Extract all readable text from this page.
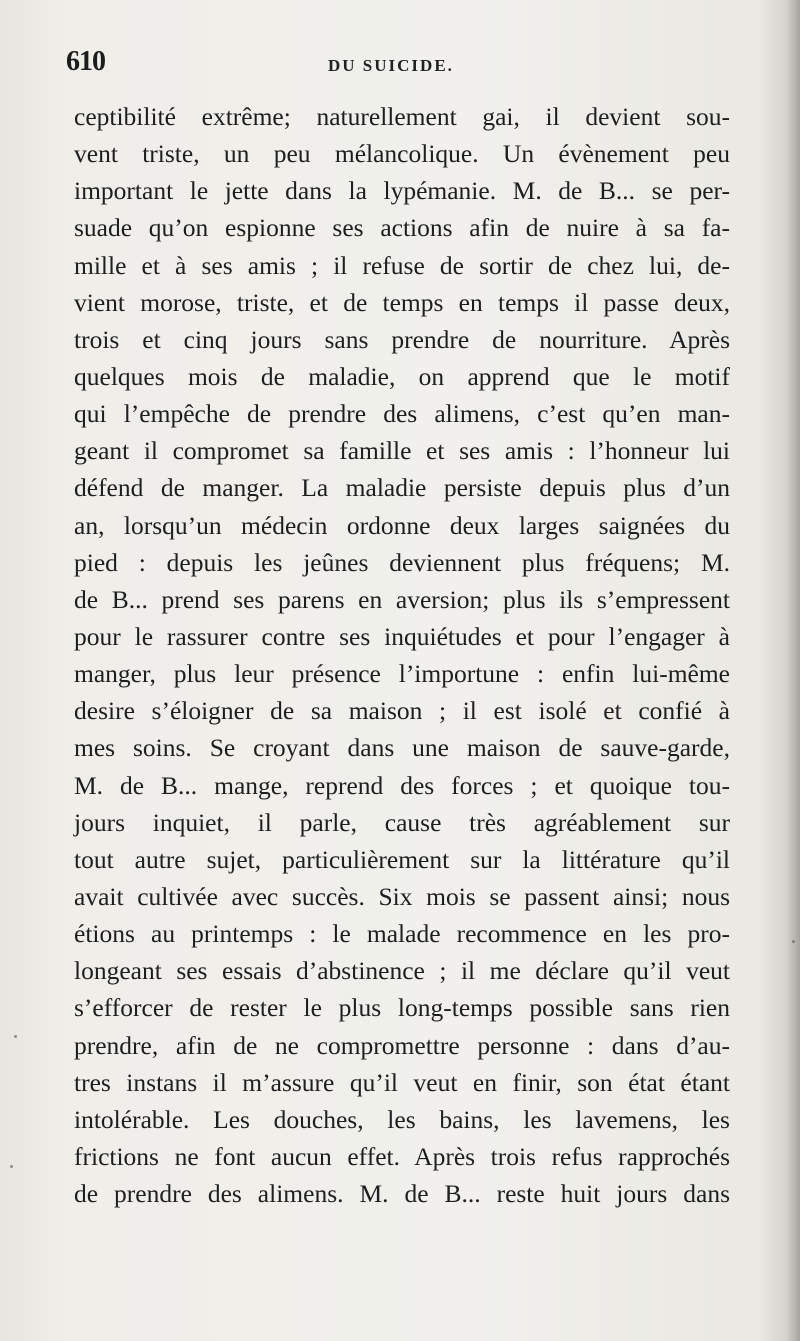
610	DU SUICIDE.
ceptibilité extrême; naturellement gai, il devient sou-
vent triste, un peu mélancolique. Un évènement peu
important le jette dans la lypémanie. M. de B... se per-
suade qu’on espionne ses actions afin de nuire à sa fa-
mille et à ses amis ; il refuse de sortir de chez lui, de-
vient morose, triste, et de temps en temps il passe deux,
trois et cinq jours sans prendre de nourriture. Après
quelques mois de maladie, on apprend que le motif
qui l’empêche de prendre des alimens, c’est qu’en man-
geant il compromet sa famille et ses amis : l’honneur lui
défend de manger. La maladie persiste depuis plus d’un
an, lorsqu’un médecin ordonne deux larges saignées du
pied : depuis les jeûnes deviennent plus fréquens; M.
de B... prend ses parens en aversion; plus ils s’empressent
pour le rassurer contre ses inquiétudes et pour l’engager à
manger, plus leur présence l’importune : enfin lui-même
desire s’éloigner de sa maison ; il est isolé et confié à
mes soins. Se croyant dans une maison de sauve-garde,
M. de B... mange, reprend des forces ; et quoique tou-
jours inquiet, il parle, cause très agréablement sur
tout autre sujet, particulièrement sur la littérature qu’il
avait cultivée avec succès. Six mois se passent ainsi; nous
étions au printemps : le malade recommence en les pro-
longeant ses essais d’abstinence ; il me déclare qu’il veut
s’efforcer de rester le plus long-temps possible sans rien
prendre, afin de ne compromettre personne : dans d’au-
tres instans il m’assure qu’il veut en finir, son état étant
intolérable. Les douches, les bains, les lavemens, les
frictions ne font aucun effet. Après trois refus rapprochés
de prendre des alimens. M. de B... reste huit jours dans
